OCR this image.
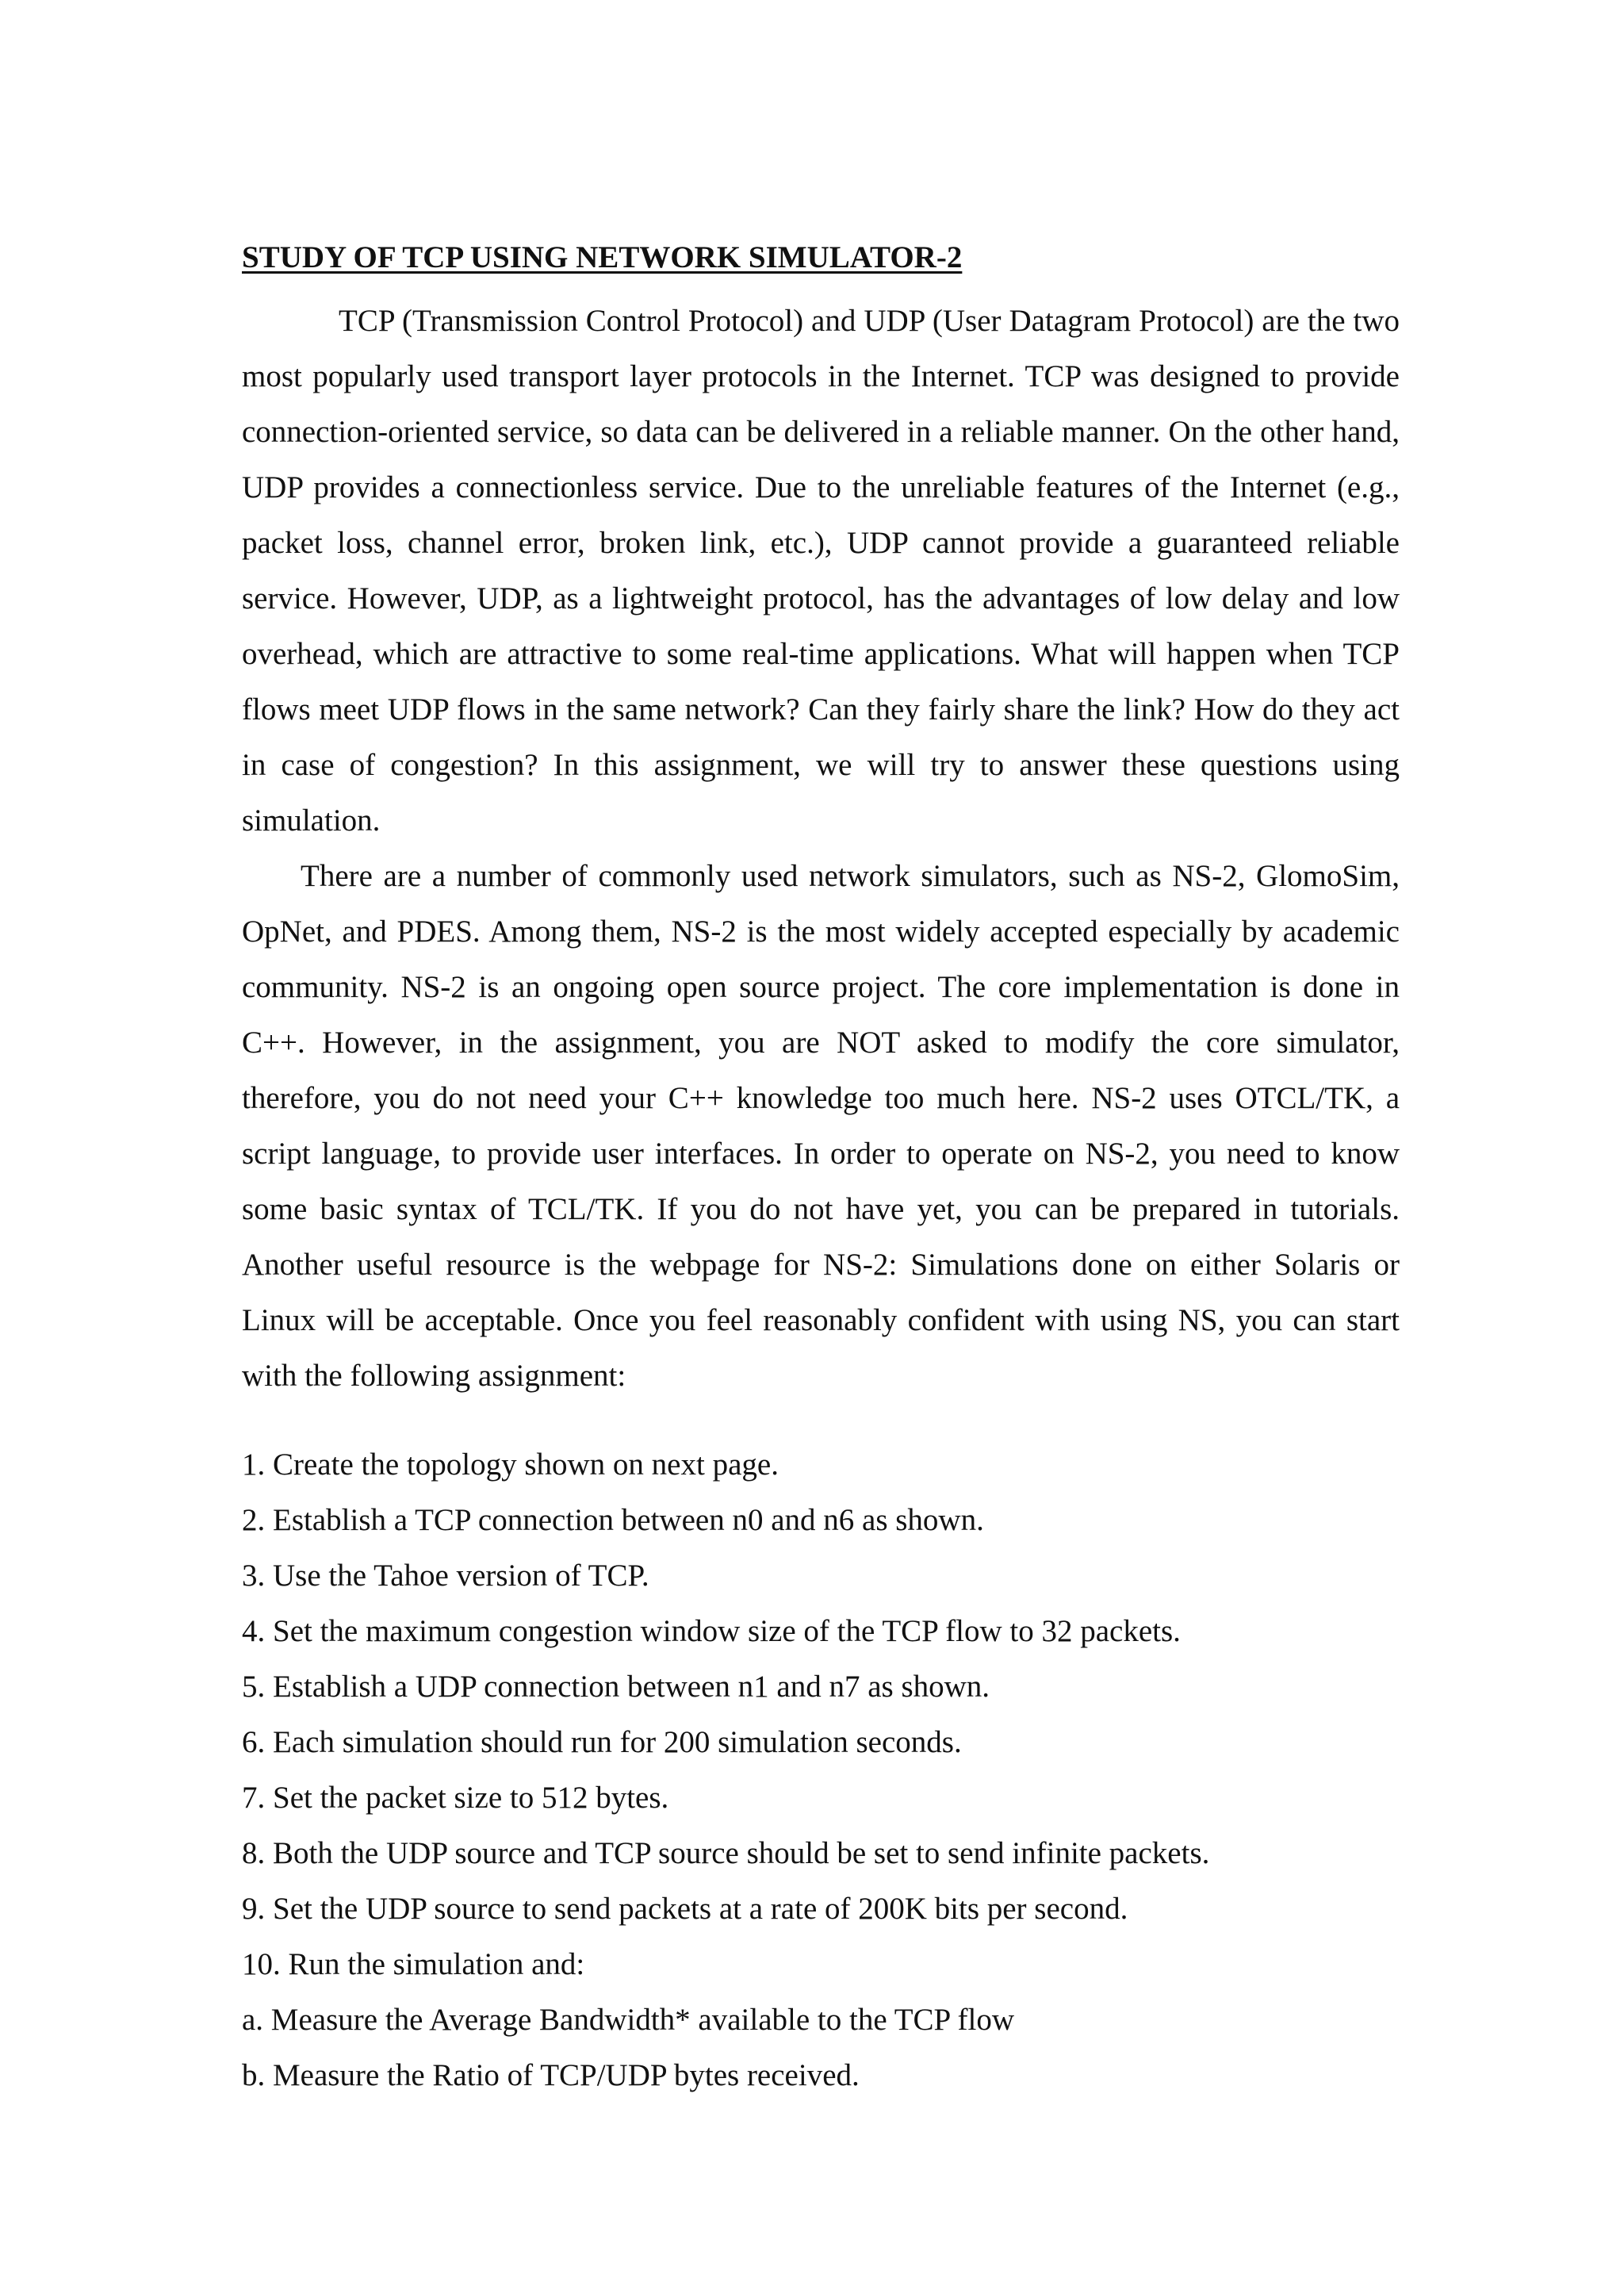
STUDY OF TCP USING NETWORK SIMULATOR-2

TCP (Transmission Control Protocol) and UDP (User Datagram Protocol) are the two most popularly used transport layer protocols in the Internet. TCP was designed to provide connection-oriented service, so data can be delivered in a reliable manner. On the other hand, UDP provides a connectionless service. Due to the unreliable features of the Internet (e.g., packet loss, channel error, broken link, etc.), UDP cannot provide a guaranteed reliable service. However, UDP, as a lightweight protocol, has the advantages of low delay and low overhead, which are attractive to some real-time applications. What will happen when TCP flows meet UDP flows in the same network? Can they fairly share the link? How do they act in case of congestion? In this assignment, we will try to answer these questions using simulation.

There are a number of commonly used network simulators, such as NS-2, GlomoSim, OpNet, and PDES. Among them, NS-2 is the most widely accepted especially by academic community. NS-2 is an ongoing open source project. The core implementation is done in C++. However, in the assignment, you are NOT asked to modify the core simulator, therefore, you do not need your C++ knowledge too much here. NS-2 uses OTCL/TK, a script language, to provide user interfaces. In order to operate on NS-2, you need to know some basic syntax of TCL/TK. If you do not have yet, you can be prepared in tutorials. Another useful resource is the webpage for NS-2: Simulations done on either Solaris or Linux will be acceptable. Once you feel reasonably confident with using NS, you can start with the following assignment:

1. Create the topology shown on next page.
2. Establish a TCP connection between n0 and n6 as shown.
3. Use the Tahoe version of TCP.
4. Set the maximum congestion window size of the TCP flow to 32 packets.
5. Establish a UDP connection between n1 and n7 as shown.
6. Each simulation should run for 200 simulation seconds.
7. Set the packet size to 512 bytes.
8. Both the UDP source and TCP source should be set to send infinite packets.
9. Set the UDP source to send packets at a rate of 200K bits per second.
10. Run the simulation and:
a. Measure the Average Bandwidth* available to the TCP flow
b. Measure the Ratio of TCP/UDP bytes received.
